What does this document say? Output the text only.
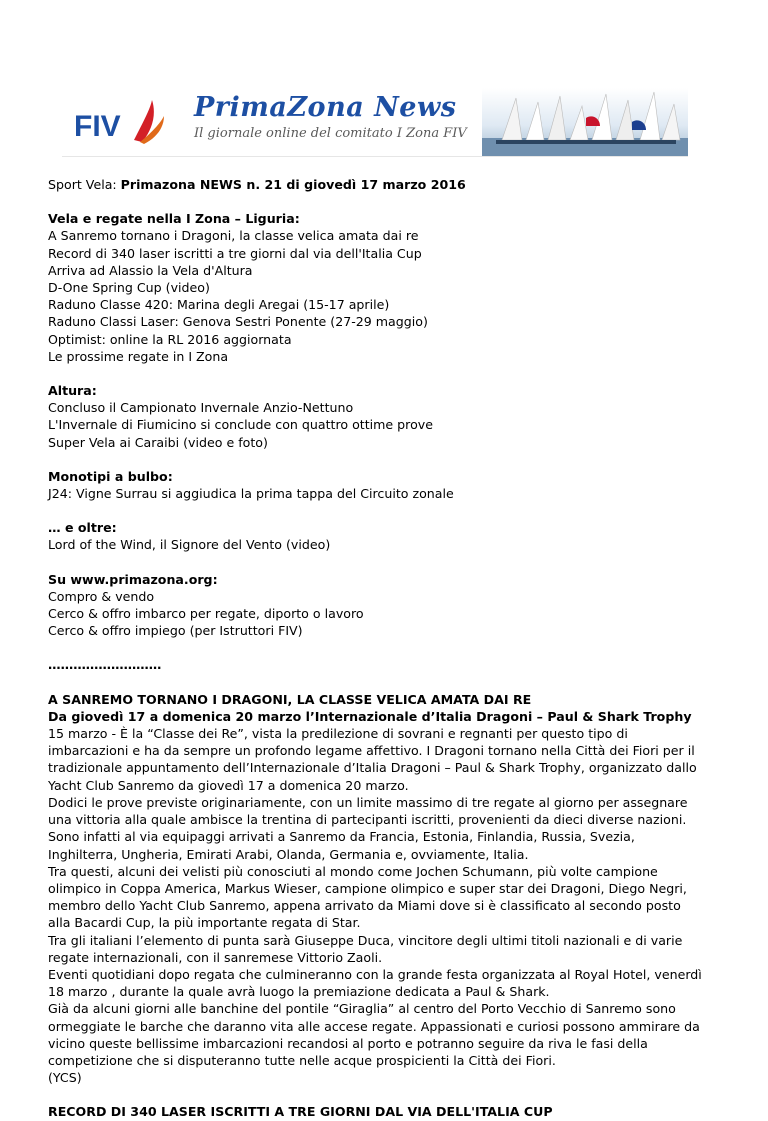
FIV
PrimaZona News
Il giornale online del comitato I Zona FIV
Sport Vela: Primazona NEWS n. 21 di giovedì 17 marzo 2016
Vela e regate nella I Zona – Liguria:
A Sanremo tornano i Dragoni, la classe velica amata dai re
Record di 340 laser iscritti a tre giorni dal via dell'Italia Cup
Arriva ad Alassio la Vela d'Altura
D-One Spring Cup (video)
Raduno Classe 420: Marina degli Aregai (15-17 aprile)
Raduno Classi Laser: Genova Sestri Ponente (27-29 maggio)
Optimist: online la RL 2016 aggiornata
Le prossime regate in I Zona
Altura:
Concluso il Campionato Invernale Anzio-Nettuno
L'Invernale di Fiumicino si conclude con quattro ottime prove
Super Vela ai Caraibi (video e foto)
Monotipi a bulbo:
J24: Vigne Surrau si aggiudica la prima tappa del Circuito zonale
… e oltre:
Lord of the Wind, il Signore del Vento (video)
Su www.primazona.org:
Compro & vendo
Cerco & offro imbarco per regate, diporto o lavoro
Cerco & offro impiego (per Istruttori FIV)
………………………
A SANREMO TORNANO I DRAGONI, LA CLASSE VELICA AMATA DAI RE
Da giovedì 17 a domenica 20 marzo l’Internazionale d’Italia Dragoni – Paul & Shark Trophy
15 marzo - È la “Classe dei Re”, vista la predilezione di sovrani e regnanti per questo tipo di
imbarcazioni e ha da sempre un profondo legame affettivo. I Dragoni tornano nella Città dei Fiori per il
tradizionale appuntamento dell’Internazionale d’Italia Dragoni – Paul & Shark Trophy, organizzato dallo
Yacht Club Sanremo da giovedì 17 a domenica 20 marzo.
Dodici le prove previste originariamente, con un limite massimo di tre regate al giorno per assegnare
una vittoria alla quale ambisce la trentina di partecipanti iscritti, provenienti da dieci diverse nazioni.
Sono infatti al via equipaggi arrivati a Sanremo da Francia, Estonia, Finlandia, Russia, Svezia,
Inghilterra, Ungheria, Emirati Arabi, Olanda, Germania e, ovviamente, Italia.
Tra questi, alcuni dei velisti più conosciuti al mondo come Jochen Schumann, più volte campione
olimpico in Coppa America, Markus Wieser, campione olimpico e super star dei Dragoni, Diego Negri,
membro dello Yacht Club Sanremo, appena arrivato da Miami dove si è classificato al secondo posto
alla Bacardi Cup, la più importante regata di Star.
Tra gli italiani l’elemento di punta sarà Giuseppe Duca, vincitore degli ultimi titoli nazionali e di varie
regate internazionali, con il sanremese Vittorio Zaoli.
Eventi quotidiani dopo regata che culmineranno con la grande festa organizzata al Royal Hotel, venerdì
18 marzo , durante la quale avrà luogo la premiazione dedicata a Paul & Shark.
Già da alcuni giorni alle banchine del pontile “Giraglia” al centro del Porto Vecchio di Sanremo sono
ormeggiate le barche che daranno vita alle accese regate. Appassionati e curiosi possono ammirare da
vicino queste bellissime imbarcazioni recandosi al porto e potranno seguire da riva le fasi della
competizione che si disputeranno tutte nelle acque prospicienti la Città dei Fiori.
(YCS)
RECORD DI 340 LASER ISCRITTI A TRE GIORNI DAL VIA DELL'ITALIA CUP
